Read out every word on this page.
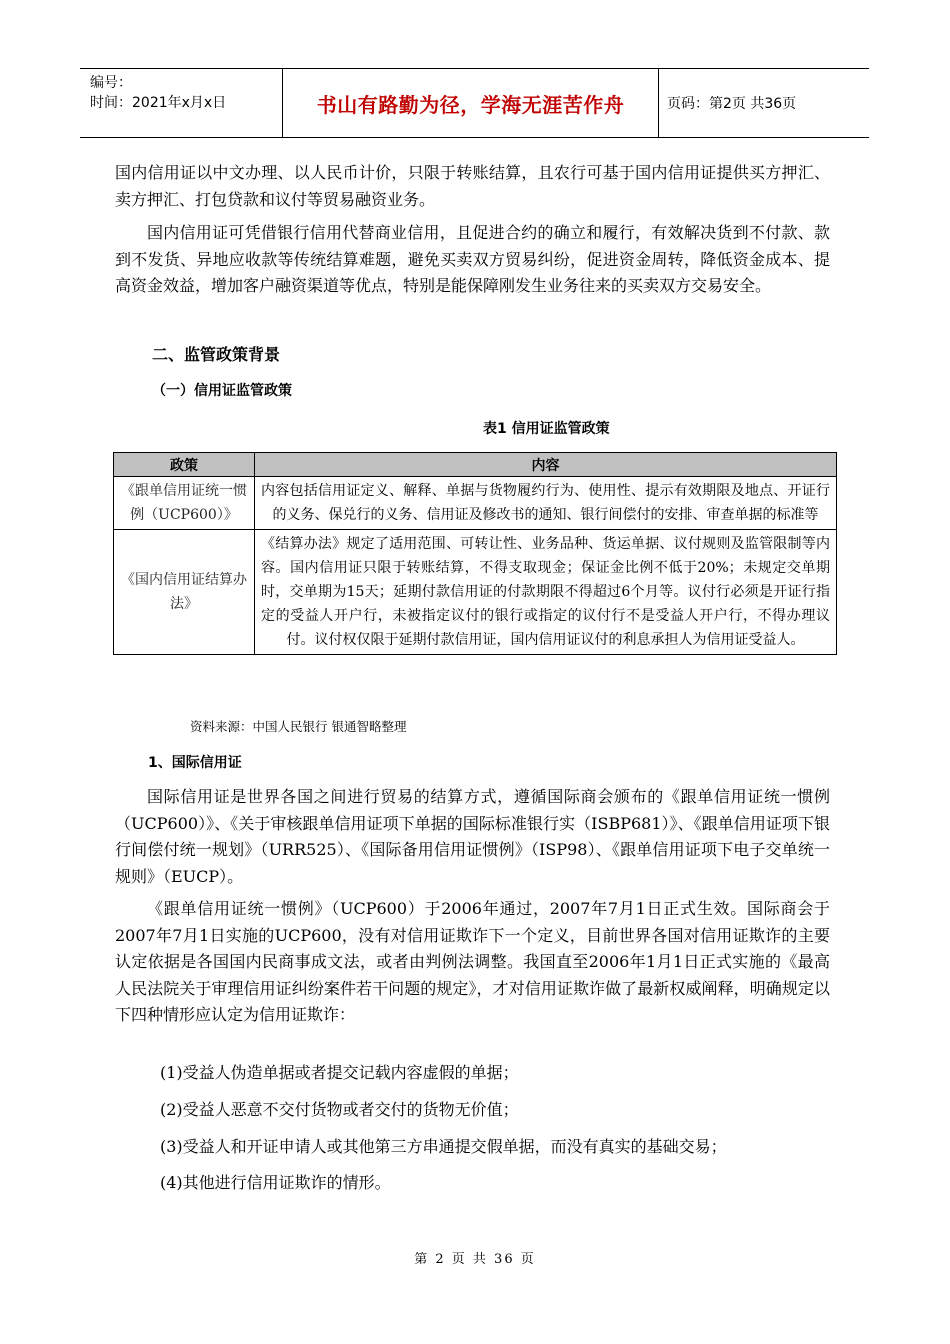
编号：
时间：2021年x月x日	书山有路勤为径，学海无涯苦作舟	页码：第2页 共36页

国内信用证以中文办理、以人民币计价，只限于转账结算，且农行可基于国内信用证提供买方押汇、卖方押汇、打包贷款和议付等贸易融资业务。

国内信用证可凭借银行信用代替商业信用，且促进合约的确立和履行，有效解决货到不付款、款到不发货、异地应收款等传统结算难题，避免买卖双方贸易纠纷，促进资金周转，降低资金成本、提高资金效益，增加客户融资渠道等优点，特别是能保障刚发生业务往来的买卖双方交易安全。

二、监管政策背景
（一）信用证监管政策
表1 信用证监管政策
政策	内容
《跟单信用证统一惯例（UCP600）》	内容包括信用证定义、解释、单据与货物履约行为、使用性、提示有效期限及地点、开证行的义务、保兑行的义务、信用证及修改书的通知、银行间偿付的安排、审查单据的标准等
《国内信用证结算办法》	《结算办法》规定了适用范围、可转让性、业务品种、货运单据、议付规则及监管限制等内容。国内信用证只限于转账结算，不得支取现金；保证金比例不低于20%；未规定交单期时，交单期为15天；延期付款信用证的付款期限不得超过6个月等。议付行必须是开证行指定的受益人开户行，未被指定议付的银行或指定的议付行不是受益人开户行，不得办理议付。议付权仅限于延期付款信用证，国内信用证议付的利息承担人为信用证受益人。
资料来源：中国人民银行 银通智略整理
1、国际信用证

国际信用证是世界各国之间进行贸易的结算方式，遵循国际商会颁布的《跟单信用证统一惯例（UCP600）》、《关于审核跟单信用证项下单据的国际标准银行实（ISBP681）》、《跟单信用证项下银行间偿付统一规划》（URR525）、《国际备用信用证惯例》（ISP98）、《跟单信用证项下电子交单统一规则》（EUCP）。

《跟单信用证统一惯例》（UCP600）于2006年通过，2007年7月1日正式生效。国际商会于2007年7月1日实施的UCP600，没有对信用证欺诈下一个定义，目前世界各国对信用证欺诈的主要认定依据是各国国内民商事成文法，或者由判例法调整。我国直至2006年1月1日正式实施的《最高人民法院关于审理信用证纠纷案件若干问题的规定》，才对信用证欺诈做了最新权威阐释，明确规定以下四种情形应认定为信用证欺诈：

(1)受益人伪造单据或者提交记载内容虚假的单据；
(2)受益人恶意不交付货物或者交付的货物无价值；
(3)受益人和开证申请人或其他第三方串通提交假单据，而没有真实的基础交易；
(4)其他进行信用证欺诈的情形。
第 2 页 共 36 页
